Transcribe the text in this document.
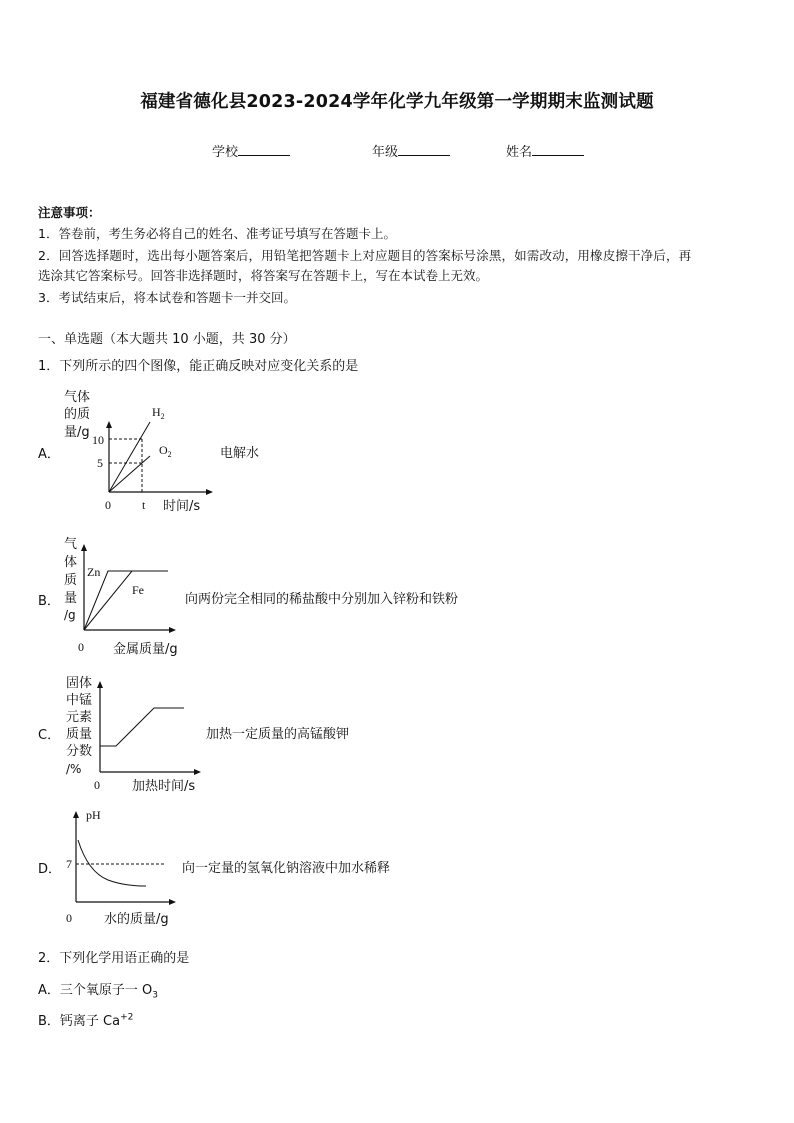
福建省德化县2023-2024学年化学九年级第一学期期末监测试题
学校	年级	姓名
注意事项：
1．答卷前，考生务必将自己的姓名、准考证号填写在答题卡上。
2．回答选择题时，选出每小题答案后，用铅笔把答题卡上对应题目的答案标号涂黑，如需改动，用橡皮擦干净后，再
选涂其它答案标号。回答非选择题时，将答案写在答题卡上，写在本试卷上无效。
3．考试结束后，将本试卷和答题卡一并交回。
一、单选题（本大题共 10 小题，共 30 分）
1．下列所示的四个图像，能正确反映对应变化关系的是
A．
气体
的质
量/g 10
5
$H_2$
$O_2$
0	t 时间/s
电解水
B．
气
体
质
量
/g
Zn
Fe
0 金属质量/g
向两份完全相同的稀盐酸中分别加入锌粉和铁粉
C．
固体
中锰
元素
质量
分数
/%
0 加热时间/s
加热一定质量的高锰酸钾
D．
pH
7
0 水的质量/g
向一定量的氢氧化钠溶液中加水稀释
2．下列化学用语正确的是
A．三个氧原子一 $O_3$
B．钙离子 $Ca^{+2}$
